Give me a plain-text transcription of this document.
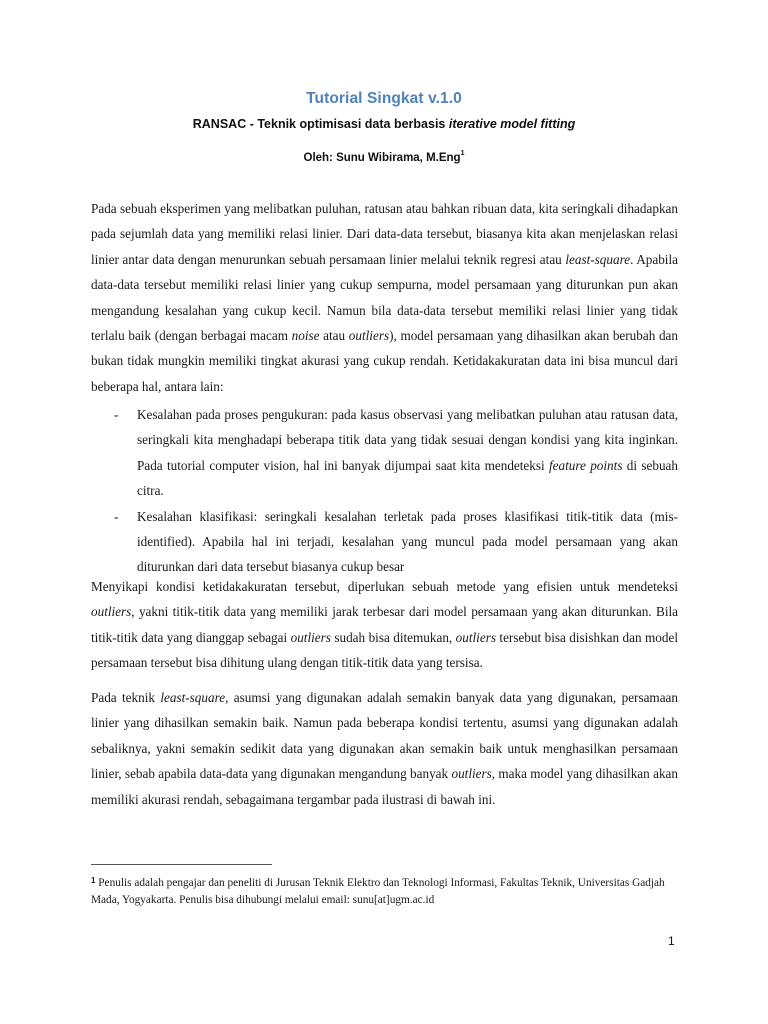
Tutorial Singkat v.1.0
RANSAC - Teknik optimisasi data berbasis iterative model fitting
Oleh: Sunu Wibirama, M.Eng$^1$

Pada sebuah eksperimen yang melibatkan puluhan, ratusan atau bahkan ribuan data, kita seringkali dihadapkan pada sejumlah data yang memiliki relasi linier. Dari data-data tersebut, biasanya kita akan menjelaskan relasi linier antar data dengan menurunkan sebuah persamaan linier melalui teknik regresi atau least-square. Apabila data-data tersebut memiliki relasi linier yang cukup sempurna, model persamaan yang diturunkan pun akan mengandung kesalahan yang cukup kecil. Namun bila data-data tersebut memiliki relasi linier yang tidak terlalu baik (dengan berbagai macam noise atau outliers), model persamaan yang dihasilkan akan berubah dan bukan tidak mungkin memiliki tingkat akurasi yang cukup rendah. Ketidakakuratan data ini bisa muncul dari beberapa hal, antara lain:

- Kesalahan pada proses pengukuran: pada kasus observasi yang melibatkan puluhan atau ratusan data, seringkali kita menghadapi beberapa titik data yang tidak sesuai dengan kondisi yang kita inginkan. Pada tutorial computer vision, hal ini banyak dijumpai saat kita mendeteksi feature points di sebuah citra.
- Kesalahan klasifikasi: seringkali kesalahan terletak pada proses klasifikasi titik-titik data (mis-identified). Apabila hal ini terjadi, kesalahan yang muncul pada model persamaan yang akan diturunkan dari data tersebut biasanya cukup besar

Menyikapi kondisi ketidakakuratan tersebut, diperlukan sebuah metode yang efisien untuk mendeteksi outliers, yakni titik-titik data yang memiliki jarak terbesar dari model persamaan yang akan diturunkan. Bila titik-titik data yang dianggap sebagai outliers sudah bisa ditemukan, outliers tersebut bisa disishkan dan model persamaan tersebut bisa dihitung ulang dengan titik-titik data yang tersisa.

Pada teknik least-square, asumsi yang digunakan adalah semakin banyak data yang digunakan, persamaan linier yang dihasilkan semakin baik. Namun pada beberapa kondisi tertentu, asumsi yang digunakan adalah sebaliknya, yakni semakin sedikit data yang digunakan akan semakin baik untuk menghasilkan persamaan linier, sebab apabila data-data yang digunakan mengandung banyak outliers, maka model yang dihasilkan akan memiliki akurasi rendah, sebagaimana tergambar pada ilustrasi di bawah ini.

$^1$ Penulis adalah pengajar dan peneliti di Jurusan Teknik Elektro dan Teknologi Informasi, Fakultas Teknik, Universitas Gadjah Mada, Yogyakarta. Penulis bisa dihubungi melalui email: sunu[at]ugm.ac.id
1
